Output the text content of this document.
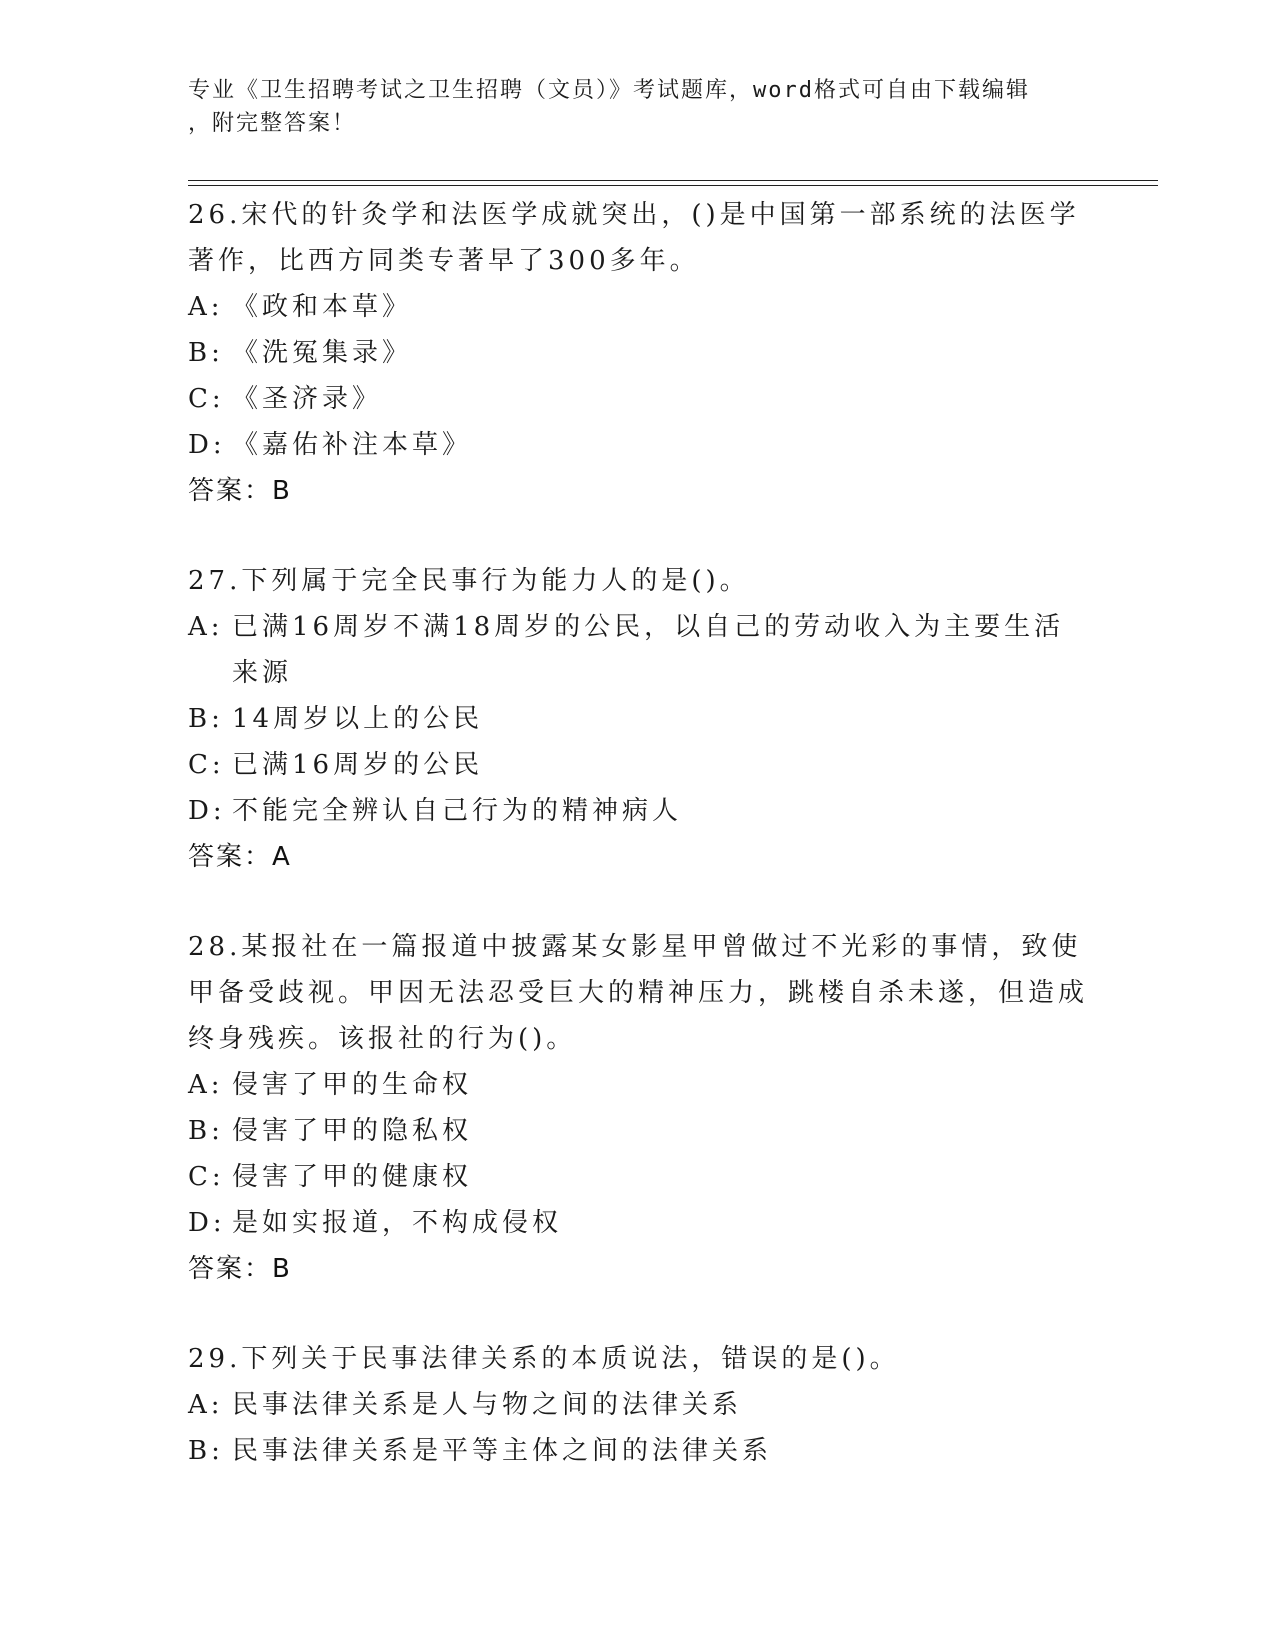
专业《卫生招聘考试之卫生招聘（文员）》考试题库，word格式可自由下载编辑
，附完整答案！
26.宋代的针灸学和法医学成就突出，()是中国第一部系统的法医学著作，比西方同类专著早了300多年。
A: 《政和本草》
B: 《洗冤集录》
C: 《圣济录》
D: 《嘉佑补注本草》
答案：B
27.下列属于完全民事行为能力人的是()。
A: 已满16周岁不满18周岁的公民，以自己的劳动收入为主要生活来源
B: 14周岁以上的公民
C: 已满16周岁的公民
D: 不能完全辨认自己行为的精神病人
答案：A
28.某报社在一篇报道中披露某女影星甲曾做过不光彩的事情，致使甲备受歧视。甲因无法忍受巨大的精神压力，跳楼自杀未遂，但造成终身残疾。该报社的行为()。
A: 侵害了甲的生命权
B: 侵害了甲的隐私权
C: 侵害了甲的健康权
D: 是如实报道，不构成侵权
答案：B
29.下列关于民事法律关系的本质说法，错误的是()。
A: 民事法律关系是人与物之间的法律关系
B: 民事法律关系是平等主体之间的法律关系
